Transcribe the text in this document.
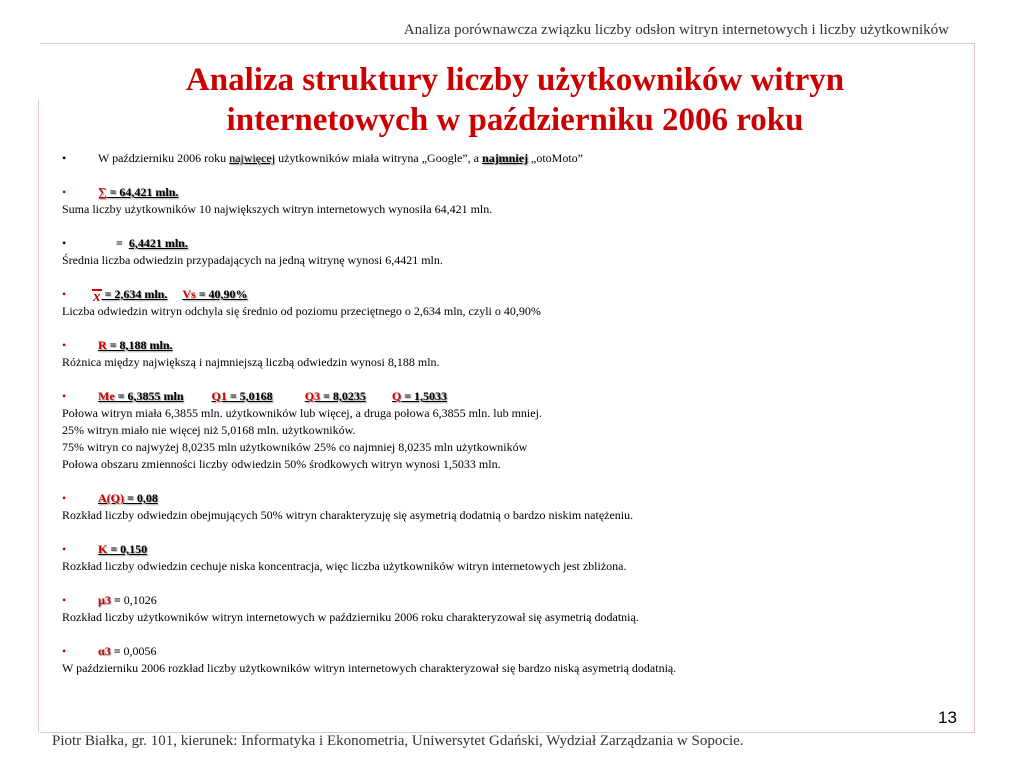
Analiza porównawcza związku liczby odsłon witryn internetowych i liczby użytkowników
Analiza struktury liczby użytkowników witryn
internetowych w październiku 2006 roku
•	W październiku 2006 roku najwięcej użytkowników miała witryna „Google”, a najmniej „otoMoto”
•	∑ = 64,421 mln.
Suma liczby użytkowników 10 największych witryn internetowych wynosiła 64,421 mln.
•	= 6,4421 mln.
Średnia liczba odwiedzin przypadających na jedną witrynę wynosi 6,4421 mln.
• x = 2,634 mln. Vs = 40,90%
Liczba odwiedzin witryn odchyla się średnio od poziomu przeciętnego o 2,634 mln, czyli o 40,90%
•	R = 8,188 mln.
Różnica między największą i najmniejszą liczbą odwiedzin wynosi 8,188 mln.
•	Me = 6,3855 mln Q1 = 5,0168	Q3 = 8,0235 Q = 1,5033
Połowa witryn miała 6,3855 mln. użytkowników lub więcej, a druga połowa 6,3855 mln. lub mniej.
25% witryn miało nie więcej niż 5,0168 mln. użytkowników.
75% witryn co najwyżej 8,0235 mln użytkowników 25% co najmniej 8,0235 mln użytkowników
Połowa obszaru zmienności liczby odwiedzin 50% środkowych witryn wynosi 1,5033 mln.
•	A(Q) = 0,08
Rozkład liczby odwiedzin obejmujących 50% witryn charakteryzuję się asymetrią dodatnią o bardzo niskim natężeniu.
•	K = 0,150
Rozkład liczby odwiedzin cechuje niska koncentracja, więc liczba użytkowników witryn internetowych jest zbliżona.
•	µ3 = 0,1026
Rozkład liczby użytkowników witryn internetowych w październiku 2006 roku charakteryzował się asymetrią dodatnią.
•	α3 = 0,0056
W październiku 2006 rozkład liczby użytkowników witryn internetowych charakteryzował się bardzo niską asymetrią dodatnią.
13
Piotr Białka, gr. 101, kierunek: Informatyka i Ekonometria, Uniwersytet Gdański, Wydział Zarządzania w Sopocie.
